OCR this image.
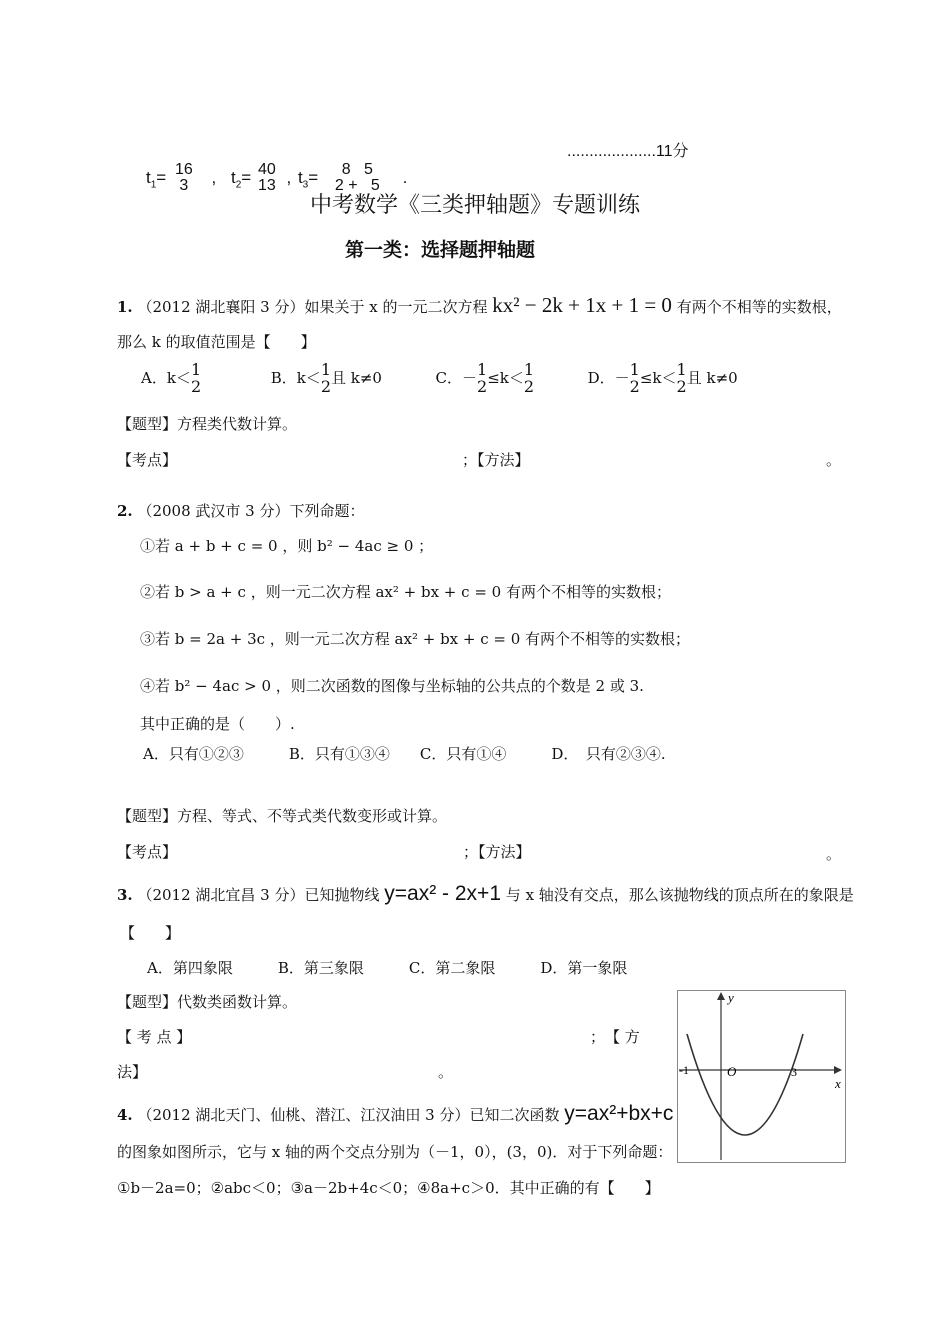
$t_1= 16$
3 , $t_2= 40$
13 , $t_3=$
	8   5
2 +   5 .
....................11分
中考数学《三类押轴题》专题训练
第一类：选择题押轴题
1. （2012 湖北襄阳 3 分）如果关于 x 的一元二次方程 kx² − 2k + 1x + 1 = 0 有两个不相等的实数根，
那么 k 的取值范围是【　　】
A．k＜ 1
2	B．k＜ 1
2 且 k≠0	C．－ 1
2 ≤k＜ 1
2	D．－ 1
2 ≤k＜ 1
2 且 k≠0
【题型】方程类代数计算。
【考点】	；【方法】	。
2. （2008 武汉市 3 分）下列命题：
①若 a + b + c = 0 ，则 b² − 4ac ≥ 0 ；
②若 b > a + c ，则一元二次方程 ax² + bx + c = 0 有两个不相等的实数根；
③若 b = 2a + 3c ，则一元二次方程 ax² + bx + c = 0 有两个不相等的实数根；
④若 b² − 4ac > 0 ，则二次函数的图像与坐标轴的公共点的个数是 2 或 3.
其中正确的是（　　）.
A．只有①②③　　　B．只有①③④　　C．只有①④　　　D．　只有②③④.
【题型】方程、等式、不等式类代数变形或计算。
【考点】	；【方法】	。
3. （2012 湖北宜昌 3 分）已知抛物线 y=ax² - 2x+1 与 x 轴没有交点，那么该抛物线的顶点所在的象限是
【　　】
A．第四象限　　　B．第三象限　　　C．第二象限　　　D．第一象限
【题型】代数类函数计算。
【 考 点 】	；　【 方
法】	。
4. （2012 湖北天门、仙桃、潜江、江汉油田 3 分）已知二次函数 y=ax²+bx+c
的图象如图所示，它与 x 轴的两个交点分别为（－1，0），(3，0)．对于下列命题：
①b－2a=0；②abc＜0；③a－2b+4c＜0；④8a+c＞0．其中正确的有【　　】
y
x
O
-1	3
